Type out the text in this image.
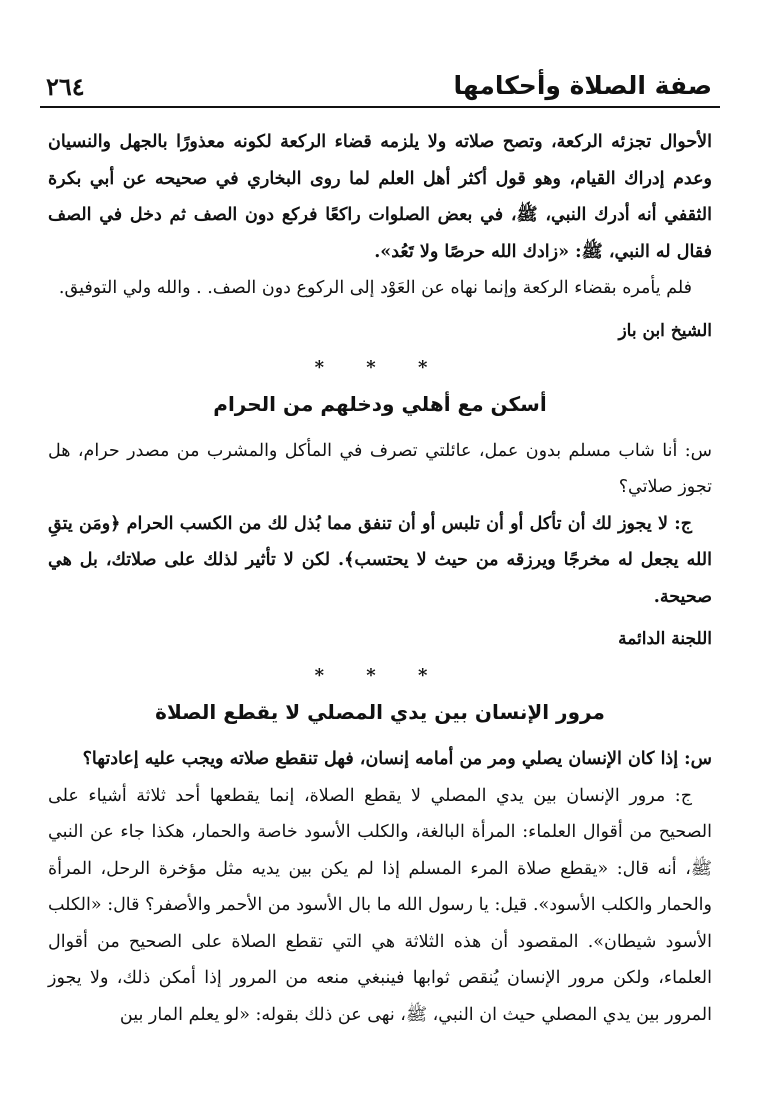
صفة الصلاة وأحكامها
٢٦٤

الأحوال تجزئه الركعة، وتصح صلاته ولا يلزمه قضاء الركعة لكونه معذورًا بالجهل والنسيان وعدم إدراك القيام، وهو قول أكثر أهل العلم لما روى البخاري في صحيحه عن أبي بكرة الثقفي أنه أدرك النبي، ﷺ، في بعض الصلوات راكعًا فركع دون الصف ثم دخل في الصف فقال له النبي، ﷺ: «زادك الله حرصًا ولا تَعُد».

فلم يأمره بقضاء الركعة وإنما نهاه عن العَوْد إلى الركوع دون الصف. . والله ولي التوفيق.

الشيخ ابن باز

* * *
أسكن مع أهلي ودخلهم من الحرام

س: أنا شاب مسلم بدون عمل، عائلتي تصرف في المأكل والمشرب من مصدر حرام، هل تجوز صلاتي؟

ج: لا يجوز لك أن تأكل أو أن تلبس أو أن تنفق مما بُذل لك من الكسب الحرام ﴿ومَن يتقِ الله يجعل له مخرجًا ويرزقه من حيث لا يحتسب﴾. لكن لا تأثير لذلك على صلاتك، بل هي صحيحة.

اللجنة الدائمة

* * *
مرور الإنسان بين يدي المصلي لا يقطع الصلاة

س: إذا كان الإنسان يصلي ومر من أمامه إنسان، فهل تنقطع صلاته ويجب عليه إعادتها؟

ج: مرور الإنسان بين يدي المصلي لا يقطع الصلاة، إنما يقطعها أحد ثلاثة أشياء على الصحيح من أقوال العلماء: المرأة البالغة، والكلب الأسود خاصة والحمار، هكذا جاء عن النبي ﷺ، أنه قال: «يقطع صلاة المرء المسلم إذا لم يكن بين يديه مثل مؤخرة الرحل، المرأة والحمار والكلب الأسود». قيل: يا رسول الله ما بال الأسود من الأحمر والأصفر؟ قال: «الكلب الأسود شيطان». المقصود أن هذه الثلاثة هي التي تقطع الصلاة على الصحيح من أقوال العلماء، ولكن مرور الإنسان يُنقص ثوابها فينبغي منعه من المرور إذا أمكن ذلك، ولا يجوز المرور بين يدي المصلي حيث ان النبي، ﷺ، نهى عن ذلك بقوله: «لو يعلم المار بين
